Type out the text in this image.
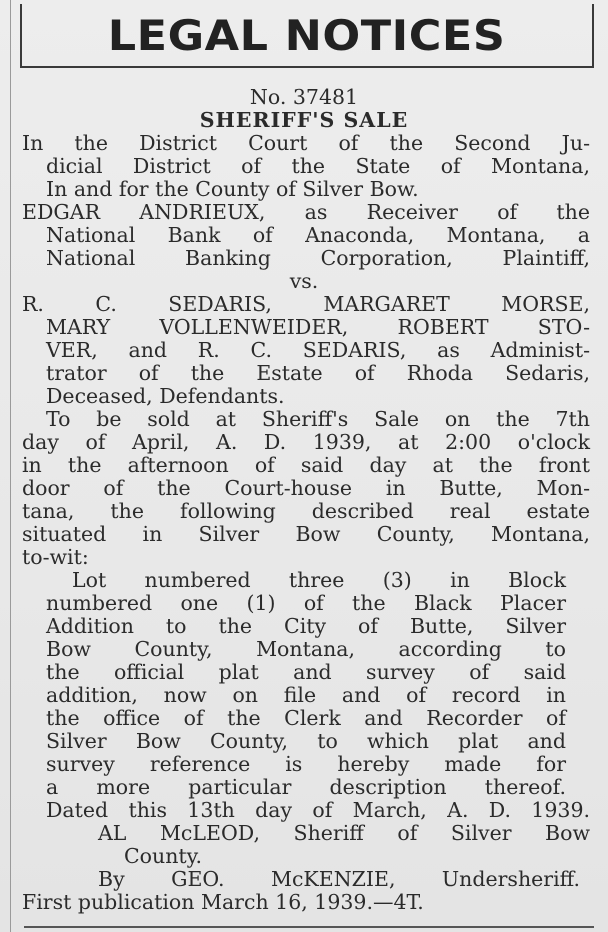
LEGAL NOTICES
No. 37481
SHERIFF'S SALE
In the District Court of the Second Ju-
dicial District of the State of Montana,
In and for the County of Silver Bow.
EDGAR ANDRIEUX, as Receiver of the
National Bank of Anaconda, Montana, a
National Banking Corporation, Plaintiff,
vs.
R. C. SEDARIS, MARGARET MORSE,
MARY VOLLENWEIDER, ROBERT STO-
VER, and R. C. SEDARIS, as Administ-
trator of the Estate of Rhoda Sedaris,
Deceased, Defendants.
To be sold at Sheriff's Sale on the 7th
day of April, A. D. 1939, at 2:00 o'clock
in the afternoon of said day at the front
door of the Court-house in Butte, Mon-
tana, the following described real estate
situated in Silver Bow County, Montana,
to-wit:
Lot numbered three (3) in Block
numbered one (1) of the Black Placer
Addition to the City of Butte, Silver
Bow County, Montana, according to
the official plat and survey of said
addition, now on file and of record in
the office of the Clerk and Recorder of
Silver Bow County, to which plat and
survey reference is hereby made for
a more particular description thereof.
Dated this 13th day of March, A. D. 1939.
AL McLEOD, Sheriff of Silver Bow
County.
By GEO. McKENZIE, Undersheriff.
First publication March 16, 1939.—4T.
